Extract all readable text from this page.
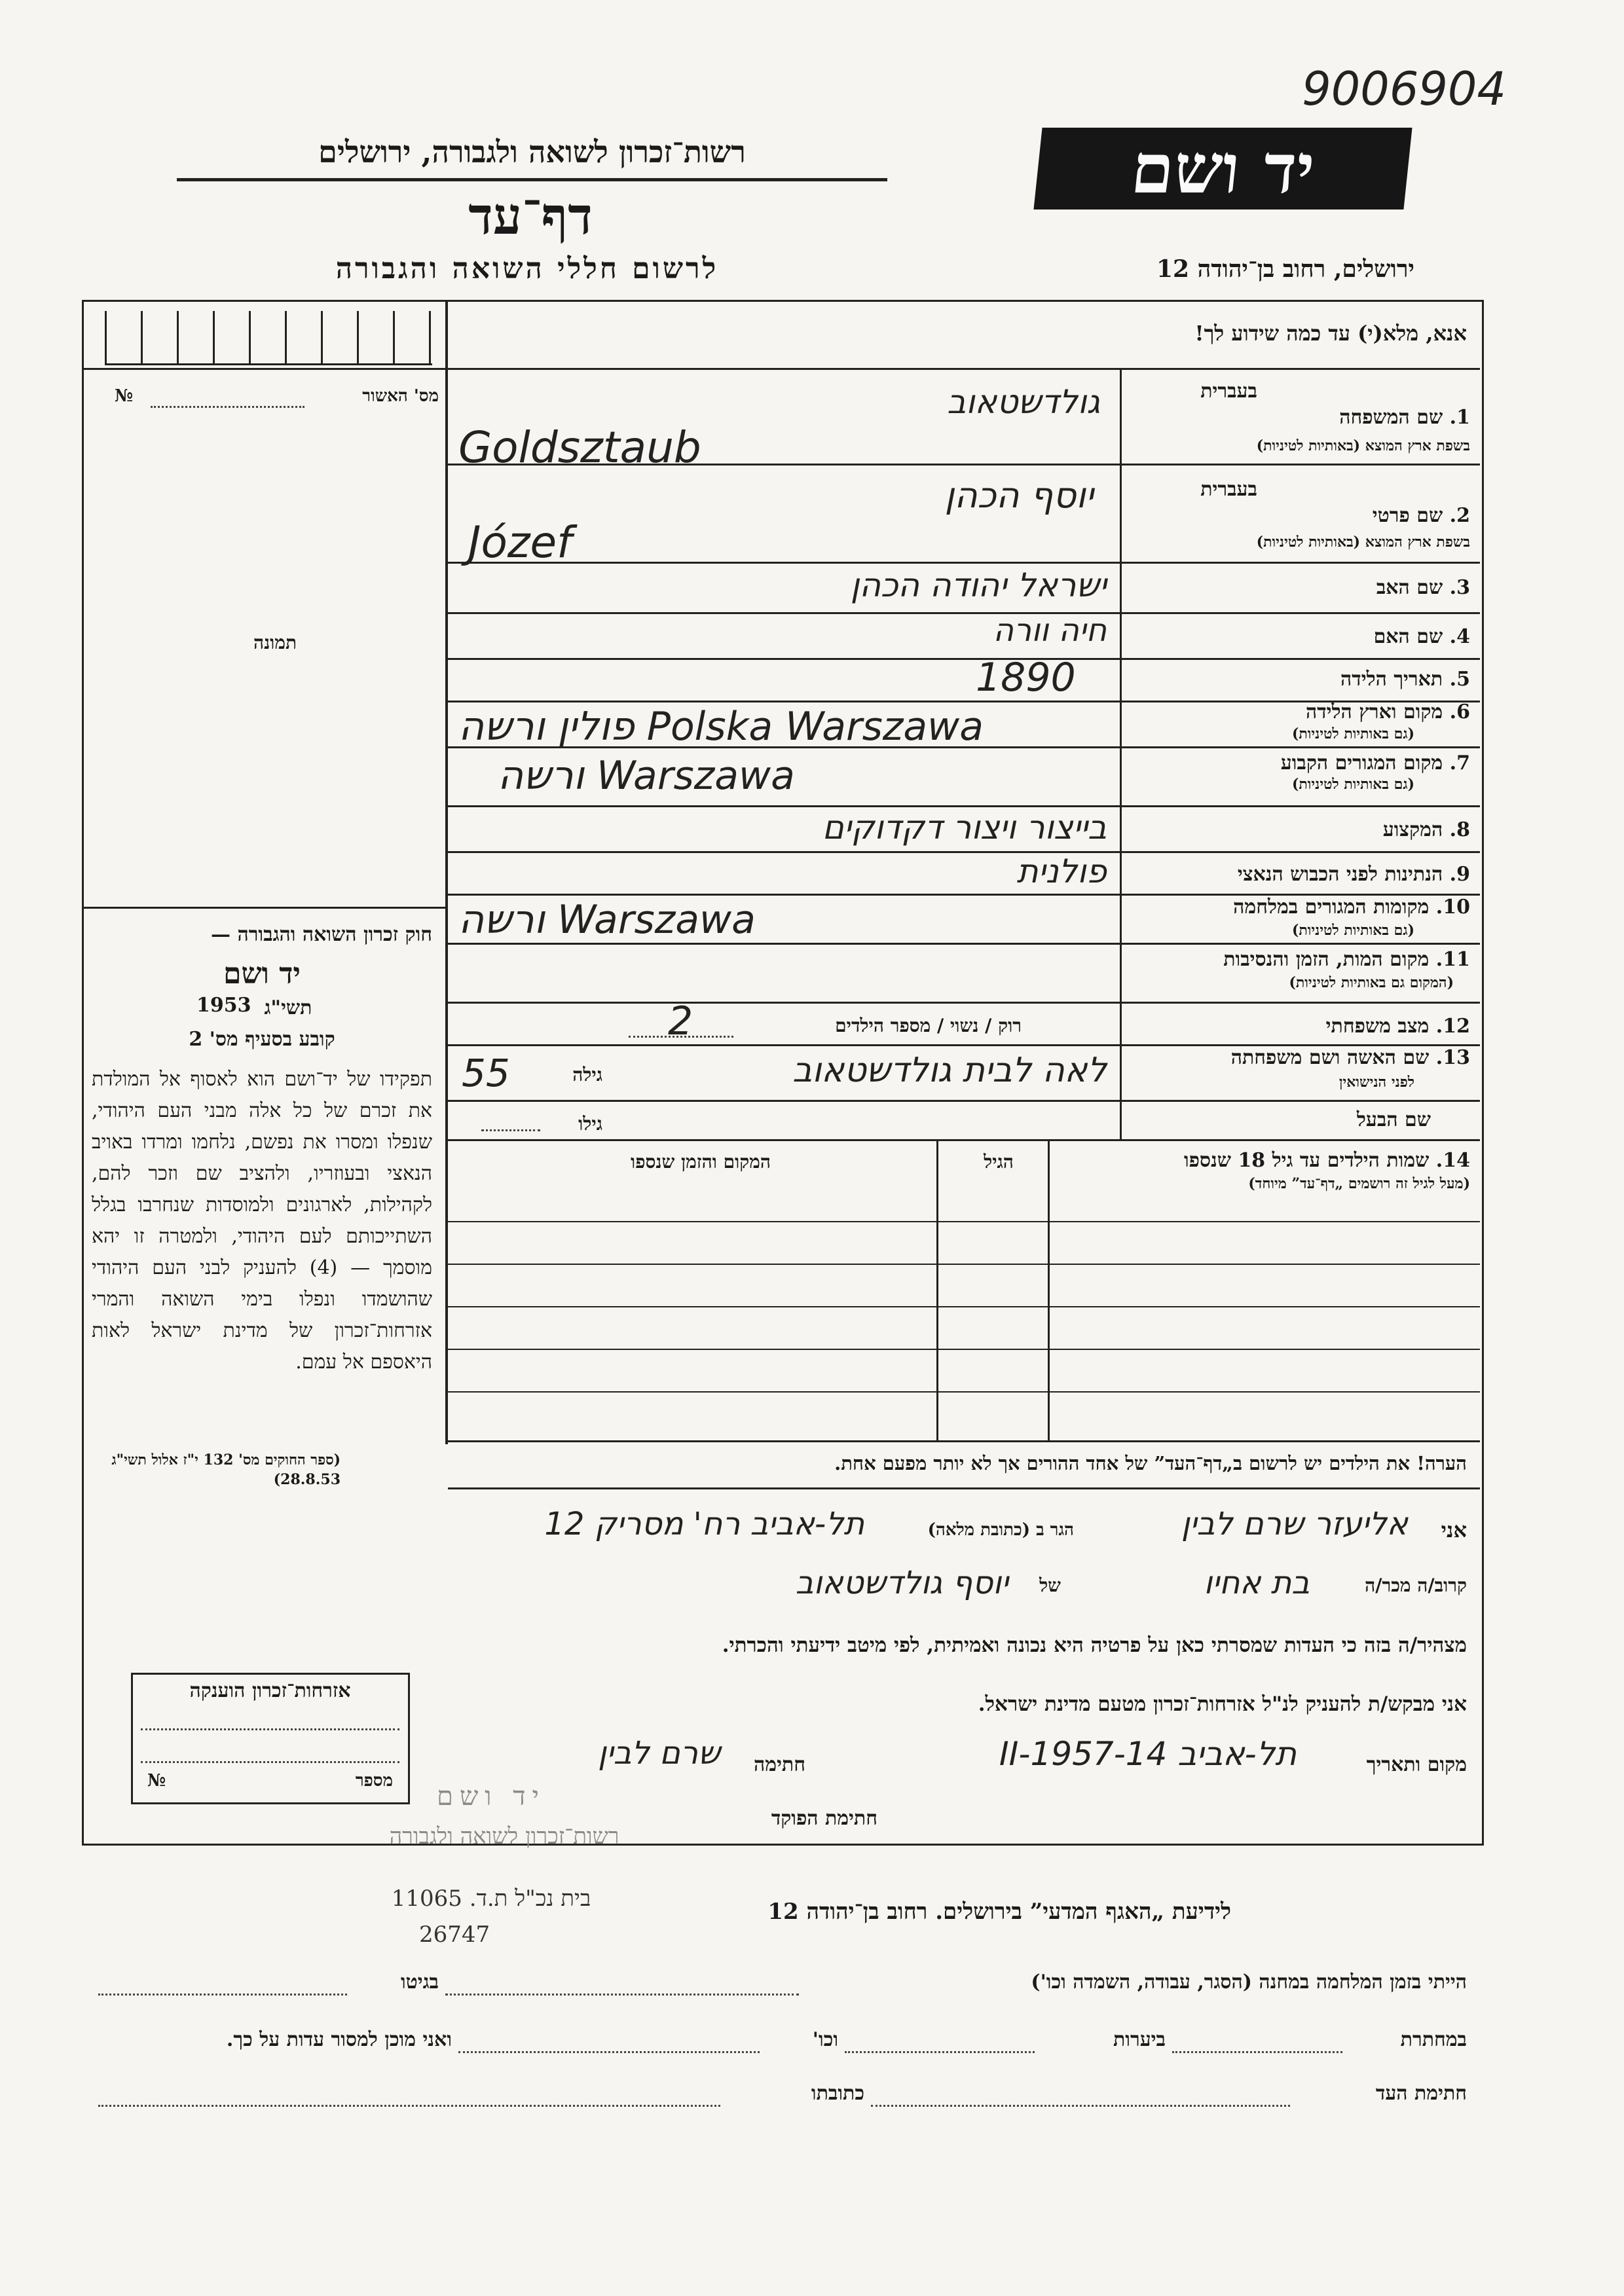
9006904
רשות־זכרון לשואה ולגבורה, ירושלים
דף־עד
לרשום חללי השואה והגבורה
יד ושם
ירושלים, רחוב בן־יהודה 12
אנא, מלא(י) עד כמה שידוע לך!
מס' האשור
№
תמונה
בעברית
1. שם המשפחה
בשפת ארץ המוצא (באותיות לטיניות)
גולדשטאוב
Goldsztaub
בעברית
2. שם פרטי
בשפת ארץ המוצא (באותיות לטיניות)
יוסף הכהן
Józef
3. שם האב
ישראל יהודה הכהן
4. שם האם
חיה וורה
5. תאריך הלידה
1890
6. מקום וארץ הלידה
(גם באותיות לטיניות)
פולין ורשה Polska Warszawa
7. מקום המגורים הקבוע
(גם באותיות לטיניות)
ורשה Warszawa
8. המקצוע
בייצור ויצור דקדוקים
9. הנתינות לפני הכבוש הנאצי
פולנית
10. מקומות המגורים במלחמה
(גם באותיות לטיניות)
ורשה Warszawa
11. מקום המות, הזמן והנסיבות
(המקום גם באותיות לטיניות)
12. מצב משפחתי
רוק / נשוי / מספר הילדים
2
13. שם האשה ושם משפחתה
לפני הנישואין
לאה לבית גולדשטאוב
גילה
55
שם הבעל
גילו
14. שמות הילדים עד גיל 18 שנספו
(מעל לגיל זה רושמים „דף־עד” מיוחד)
הגיל
המקום והזמן שנספו
הערה! את הילדים יש לרשום ב„דף־העד” של אחד ההורים אך לא יותר מפעם אחת.
חוק זכרון השואה והגבורה —
יד ושם
תשי"ג
1953
קובע בסעיף מס' 2
תפקידו של יד־ושם הוא לאסוף אל המולדת את זכרם של כל אלה מבני העם היהודי, שנפלו ומסרו את נפשם, נלחמו ומרדו באויב הנאצי ובעוזריו, ולהציב שם וזכר להם, לקהילות, לארגונים ולמוסדות שנחרבו בגלל השתייכותם לעם היהודי, ולמטרה זו יהא מוסמך — (4) להעניק לבני העם היהודי שהושמדו ונפלו בימי השואה והמרי אזרחות־זכרון של מדינת ישראל לאות היאספם אל עמם.
(ספר החוקים מס' 132 י"ז אלול תשי"ג 28.8.53)
אני
אליעזר שרם לבין
הגר ב (כתובת מלאה)
תל-אביב רח' מסריק 12
קרוב/ה מכר/ה
בת אחיו
של
יוסף גולדשטאוב
מצהיר/ה בזה כי העדות שמסרתי כאן על פרטיה היא נכונה ואמיתית, לפי מיטב ידיעתי והכרתי.
אני מבקש/ת להעניק לנ"ל אזרחות־זכרון מטעם מדינת ישראל.
מקום ותאריך
תל-אביב 14-II-1957
חתימה
שרם לבין
חתימת הפוקד
אזרחות־זכרון הוענקה
מספר
№
יד ושם
רשות־זכרון לשואה ולגבורה
בית נכ"ל ת.ד. 11065
26747
לידיעת „האגף המדעי” בירושלים. רחוב בן־יהודה 12
הייתי בזמן המלחמה במחנה (הסגר, עבודה, השמדה וכו')
בגיטו
במחתרת
ביערות
וכו'
ואני מוכן למסור עדות על כך.
חתימת העד
כתובתו
